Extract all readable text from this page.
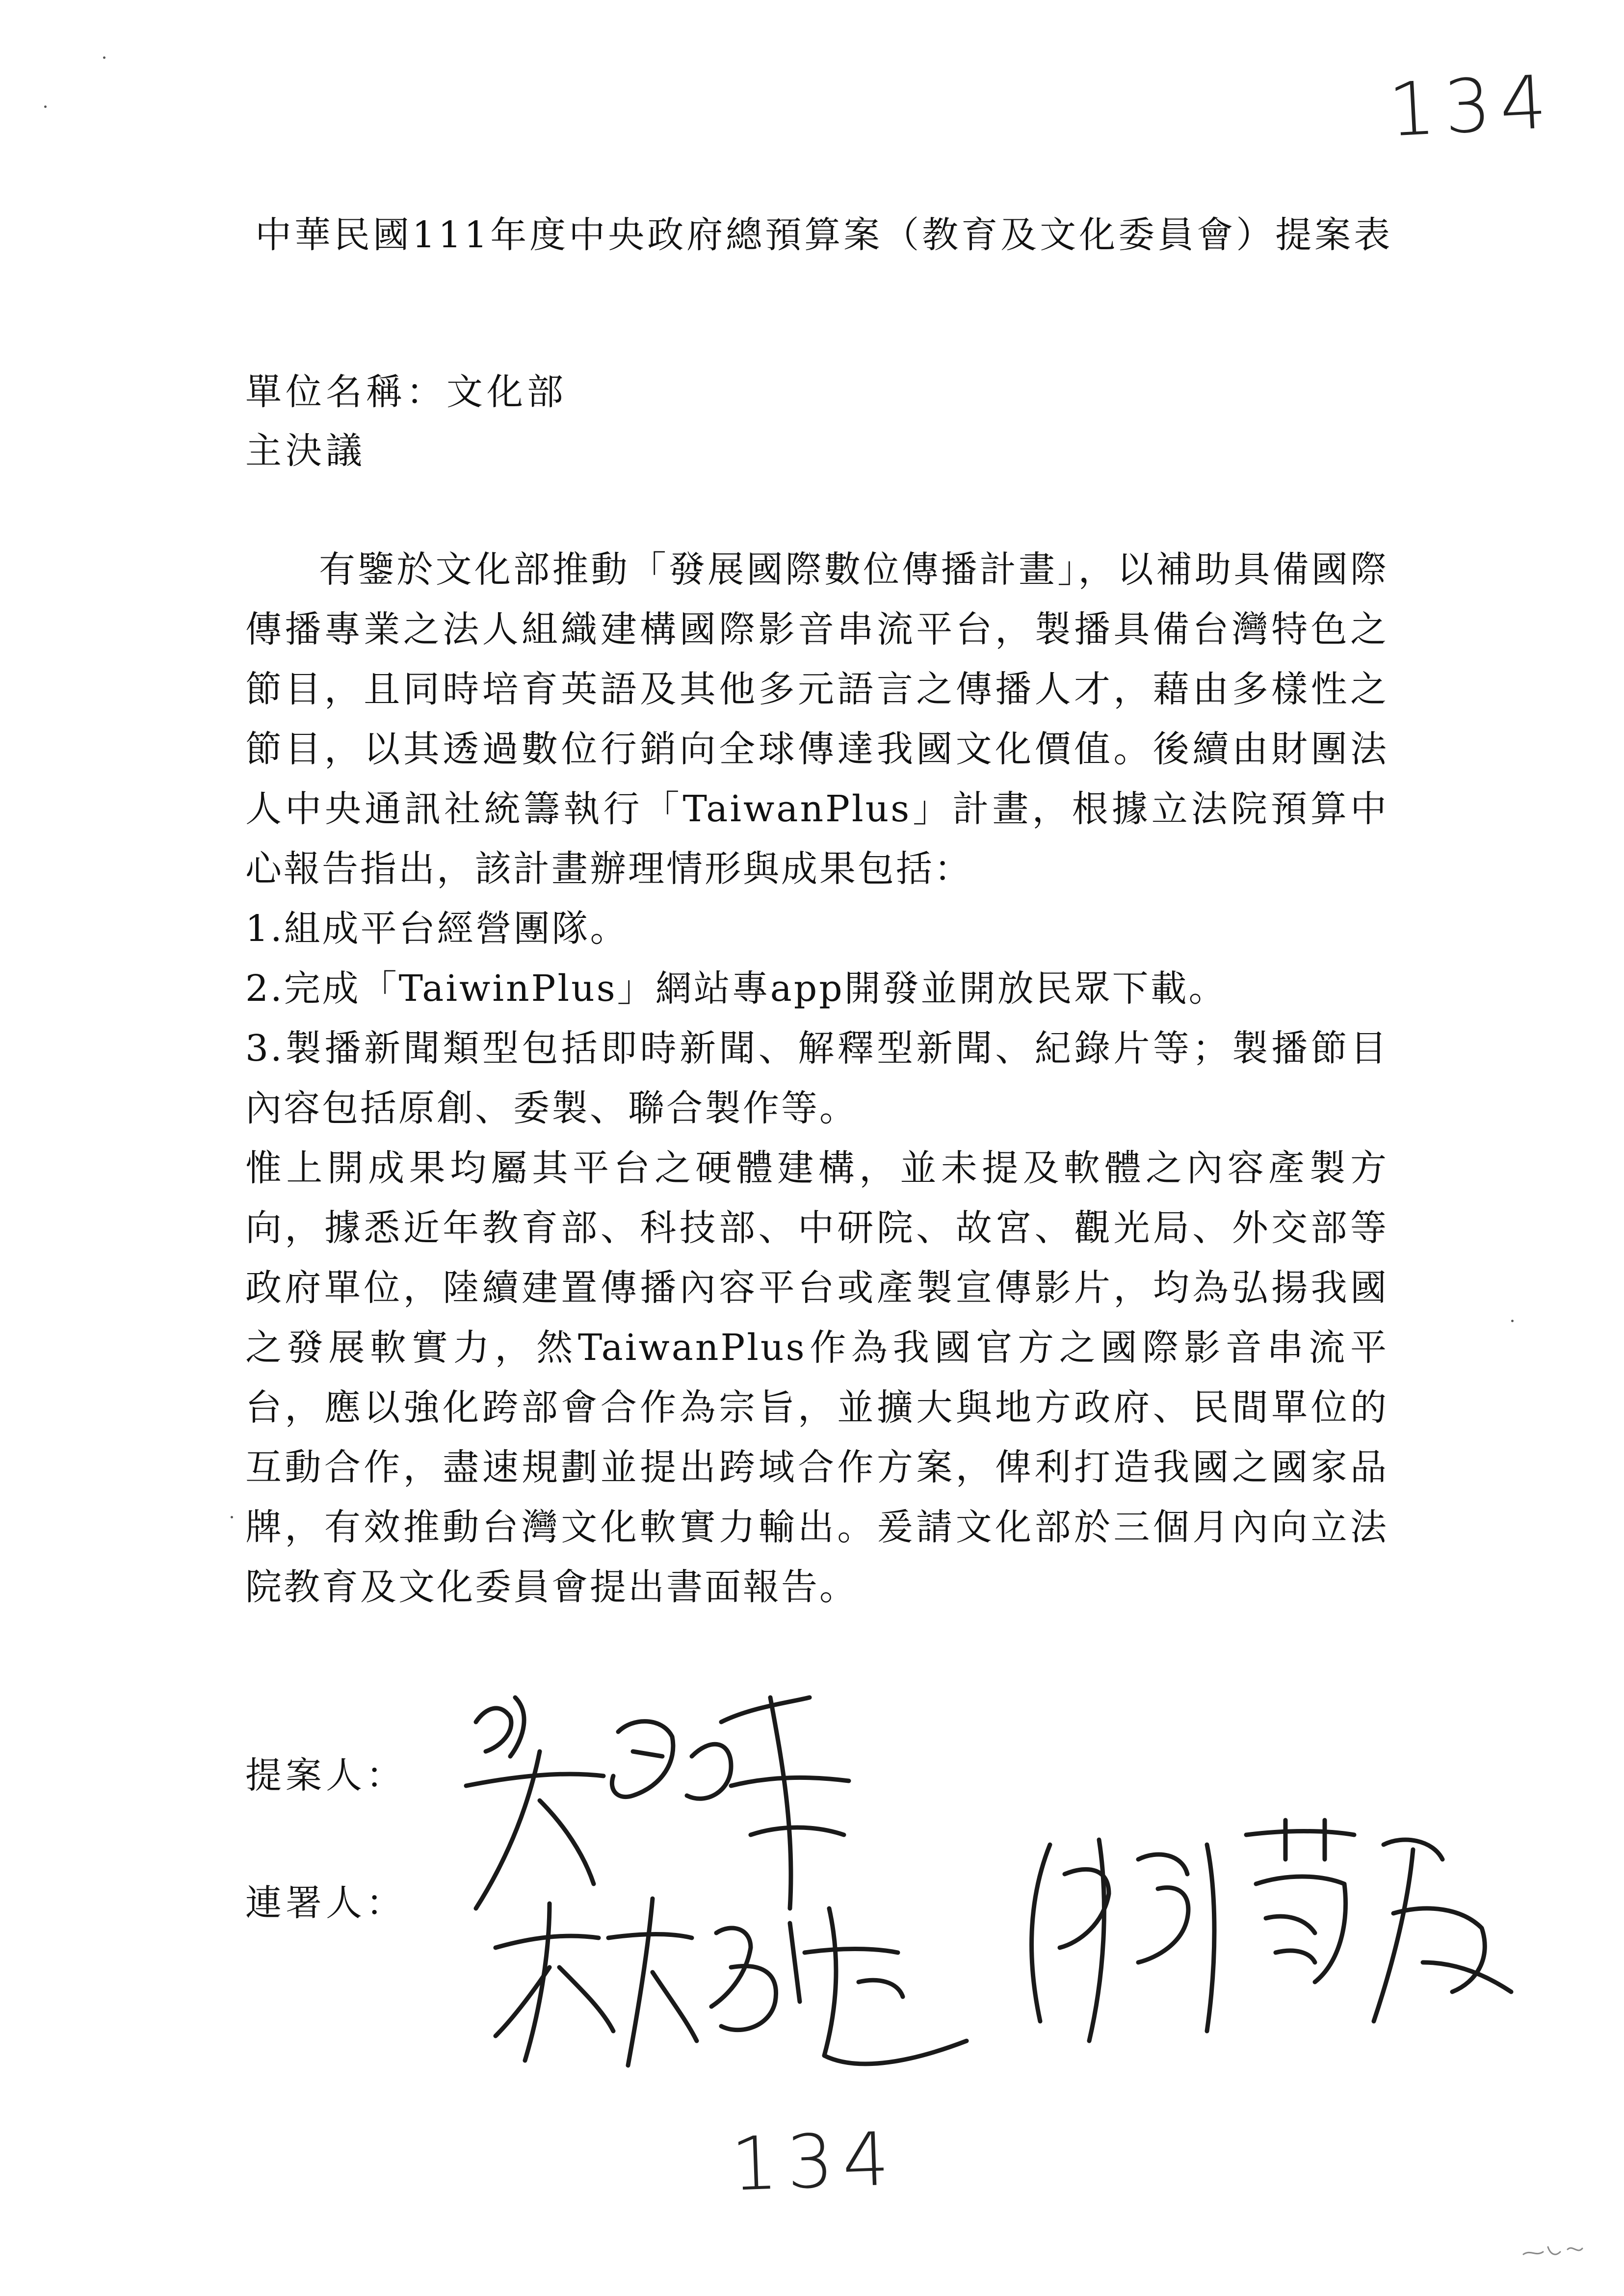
134
中華民國111年度中央政府總預算案（教育及文化委員會）提案表
單位名稱：文化部
主決議

有鑒於文化部推動「發展國際數位傳播計畫」，以補助具備國際傳播專業之法人組織建構國際影音串流平台，製播具備台灣特色之節目，且同時培育英語及其他多元語言之傳播人才，藉由多樣性之節目，以其透過數位行銷向全球傳達我國文化價值。後續由財團法人中央通訊社統籌執行「TaiwanPlus」計畫，根據立法院預算中心報告指出，該計畫辦理情形與成果包括：

1.組成平台經營團隊。

2.完成「TaiwinPlus」網站專app開發並開放民眾下載。

3.製播新聞類型包括即時新聞、解釋型新聞、紀錄片等；製播節目內容包括原創、委製、聯合製作等。

惟上開成果均屬其平台之硬體建構，並未提及軟體之內容產製方向，據悉近年教育部、科技部、中研院、故宮、觀光局、外交部等政府單位，陸續建置傳播內容平台或產製宣傳影片，均為弘揚我國之發展軟實力，然TaiwanPlus作為我國官方之國際影音串流平台，應以強化跨部會合作為宗旨，並擴大與地方政府、民間單位的互動合作，盡速規劃並提出跨域合作方案，俾利打造我國之國家品牌，有效推動台灣文化軟實力輸出。爰請文化部於三個月內向立法院教育及文化委員會提出書面報告。

提案人：
連署人：
134
